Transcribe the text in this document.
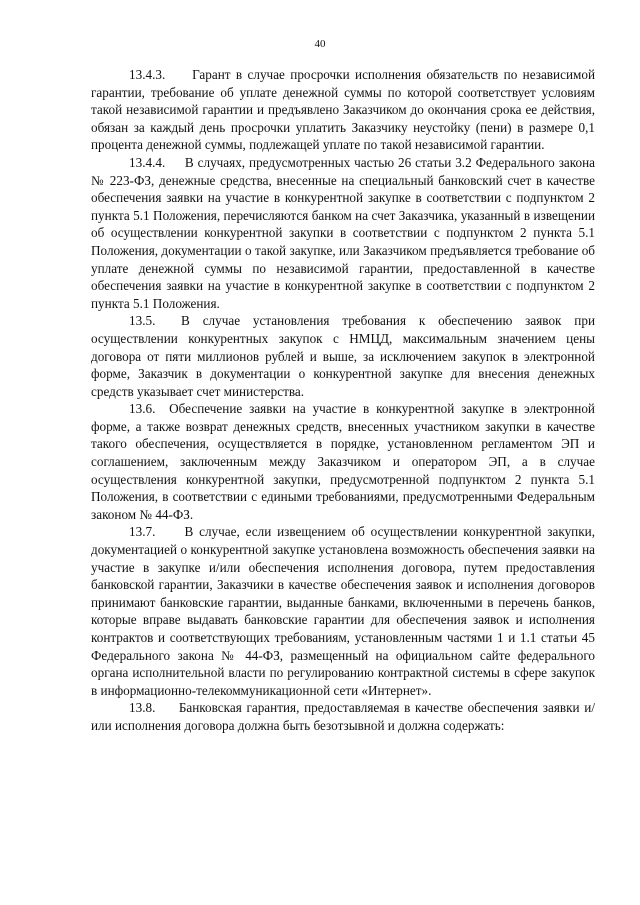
40

13.4.3.     Гарант в случае просрочки исполнения обязательств по независимой гарантии, требование об уплате денежной суммы по которой соответствует условиям такой независимой гарантии и предъявлено Заказчиком до окончания срока ее действия, обязан за каждый день просрочки уплатить Заказчику неустойку (пени) в размере 0,1 процента денежной суммы, подлежащей уплате по такой независимой гарантии.

13.4.4.     В случаях, предусмотренных частью 26 статьи 3.2 Федерального закона № 223-ФЗ, денежные средства, внесенные на специальный банковский счет в качестве обеспечения заявки на участие в конкурентной закупке в соответствии с подпунктом 2 пункта 5.1 Положения, перечисляются банком на счет Заказчика, указанный в извещении об осуществлении конкурентной закупки в соответствии с подпунктом 2 пункта 5.1 Положения, документации о такой закупке, или Заказчиком предъявляется требование об уплате денежной суммы по независимой гарантии, предоставленной в качестве обеспечения заявки на участие в конкурентной закупке в соответствии с подпунктом 2 пункта 5.1 Положения.

13.5.  В случае установления требования к обеспечению заявок при осуществлении конкурентных закупок с НМЦД, максимальным значением цены договора от пяти миллионов рублей и выше, за исключением закупок в электронной форме, Заказчик в документации о конкурентной закупке для внесения денежных средств указывает счет министерства.

13.6.  Обеспечение заявки на участие в конкурентной закупке в электронной форме, а также возврат денежных средств, внесенных участником закупки в качестве такого обеспечения, осуществляется в порядке, установленном регламентом ЭП и соглашением, заключенным между Заказчиком и оператором ЭП, а в случае осуществления конкурентной закупки, предусмотренной подпунктом 2 пункта 5.1 Положения, в соответствии с едиными требованиями, предусмотренными Федеральным законом № 44-ФЗ.

13.7.     В случае, если извещением об осуществлении конкурентной закупки, документацией о конкурентной закупке установлена возможность обеспечения заявки на участие в закупке и/или обеспечения исполнения договора, путем предоставления банковской гарантии, Заказчики в качестве обеспечения заявок и исполнения договоров принимают банковские гарантии, выданные банками, включенными в перечень банков, которые вправе выдавать банковские гарантии для обеспечения заявок и исполнения контрактов и соответствующих требованиям, установленным частями 1 и 1.1 статьи 45 Федерального закона № 44-ФЗ, размещенный на официальном сайте федерального органа исполнительной власти по регулированию контрактной системы в сфере закупок в информационно-телекоммуникационной сети «Интернет».

13.8.     Банковская гарантия, предоставляемая в качестве обеспечения заявки и/или исполнения договора должна быть безотзывной и должна содержать:
